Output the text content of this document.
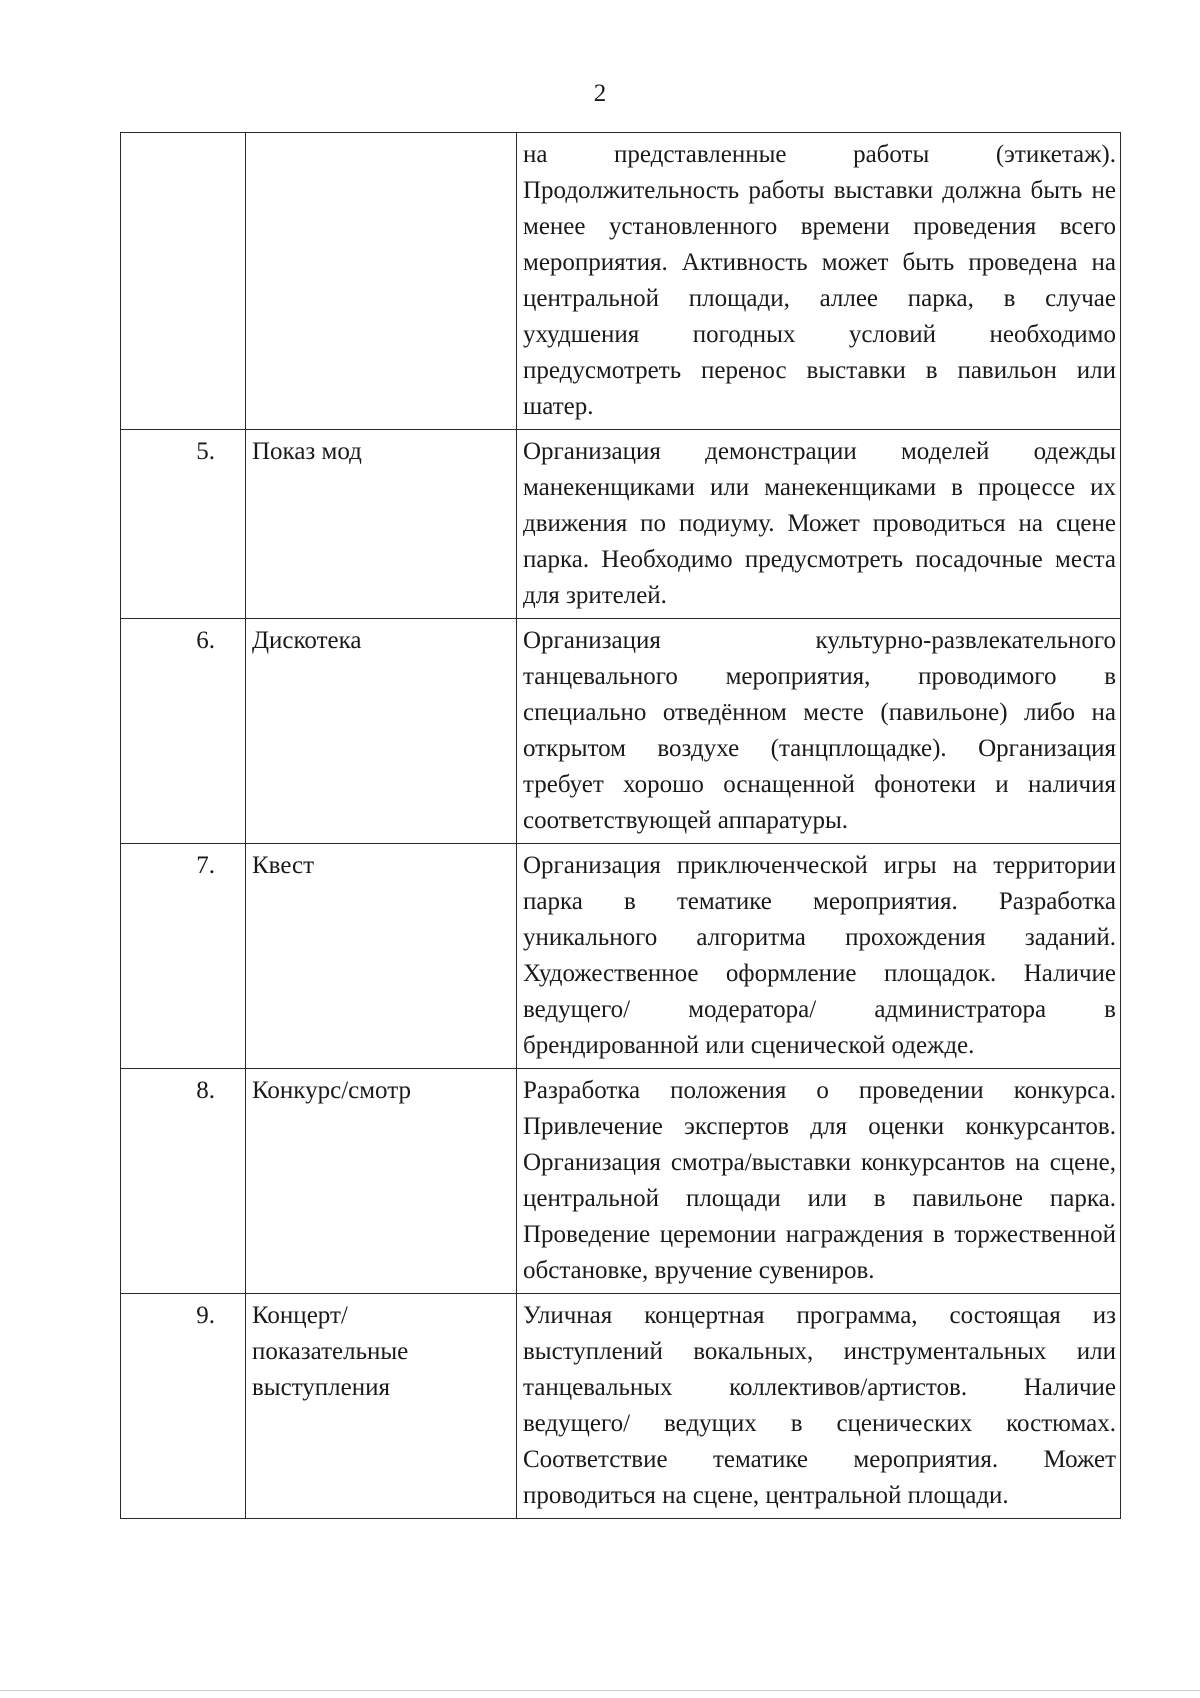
2
		на представленные работы (этикетаж). Продолжительность работы выставки должна быть не менее установленного времени проведения всего мероприятия. Активность может быть проведена на центральной площади, аллее парка, в случае ухудшения погодных условий необходимо предусмотреть перенос выставки в павильон или шатер.
5.	Показ мод	Организация демонстрации моделей одежды манекенщиками или манекенщиками в процессе их движения по подиуму. Может проводиться на сцене парка. Необходимо предусмотреть посадочные места для зрителей.
6.	Дискотека	Организация культурно-развлекательного танцевального мероприятия, проводимого в специально отведённом месте (павильоне) либо на открытом воздухе (танцплощадке). Организация требует хорошо оснащенной фонотеки и наличия соответствующей аппаратуры.
7.	Квест	Организация приключенческой игры на территории парка в тематике мероприятия. Разработка уникального алгоритма прохождения заданий. Художественное оформление площадок. Наличие ведущего/ модератора/ администратора в брендированной или сценической одежде.
8.	Конкурс/смотр	Разработка положения о проведении конкурса. Привлечение экспертов для оценки конкурсантов. Организация смотра/выставки конкурсантов на сцене, центральной площади или в павильоне парка. Проведение церемонии награждения в торжественной обстановке, вручение сувениров.
9.	Концерт/ показательные выступления	Уличная концертная программа, состоящая из выступлений вокальных, инструментальных или танцевальных коллективов/артистов. Наличие ведущего/ ведущих в сценических костюмах. Соответствие тематике мероприятия. Может проводиться на сцене, центральной площади.
